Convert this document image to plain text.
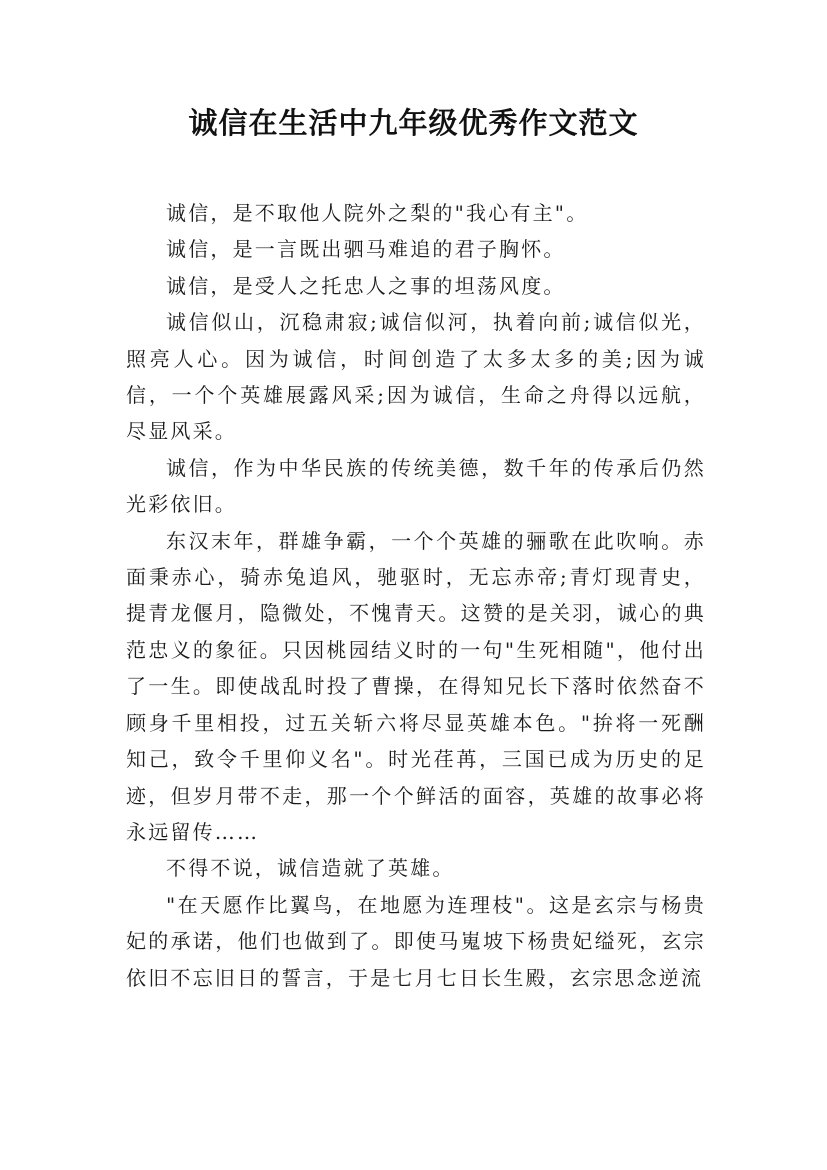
诚信在生活中九年级优秀作文范文

诚信，是不取他人院外之梨的"我心有主"。

诚信，是一言既出驷马难追的君子胸怀。

诚信，是受人之托忠人之事的坦荡风度。

诚信似山，沉稳肃寂;诚信似河，执着向前;诚信似光，照亮人心。因为诚信，时间创造了太多太多的美;因为诚信，一个个英雄展露风采;因为诚信，生命之舟得以远航，尽显风采。

诚信，作为中华民族的传统美德，数千年的传承后仍然光彩依旧。

东汉末年，群雄争霸，一个个英雄的骊歌在此吹响。赤面秉赤心，骑赤兔追风，驰驱时，无忘赤帝;青灯现青史，提青龙偃月，隐微处，不愧青天。这赞的是关羽，诚心的典范忠义的象征。只因桃园结义时的一句"生死相随"，他付出了一生。即使战乱时投了曹操，在得知兄长下落时依然奋不顾身千里相投，过五关斩六将尽显英雄本色。"拚将一死酬知己，致令千里仰义名"。时光荏苒，三国已成为历史的足迹，但岁月带不走，那一个个鲜活的面容，英雄的故事必将永远留传……

不得不说，诚信造就了英雄。

"在天愿作比翼鸟，在地愿为连理枝"。这是玄宗与杨贵妃的承诺，他们也做到了。即使马嵬坡下杨贵妃缢死，玄宗依旧不忘旧日的誓言，于是七月七日长生殿，玄宗思念逆流
